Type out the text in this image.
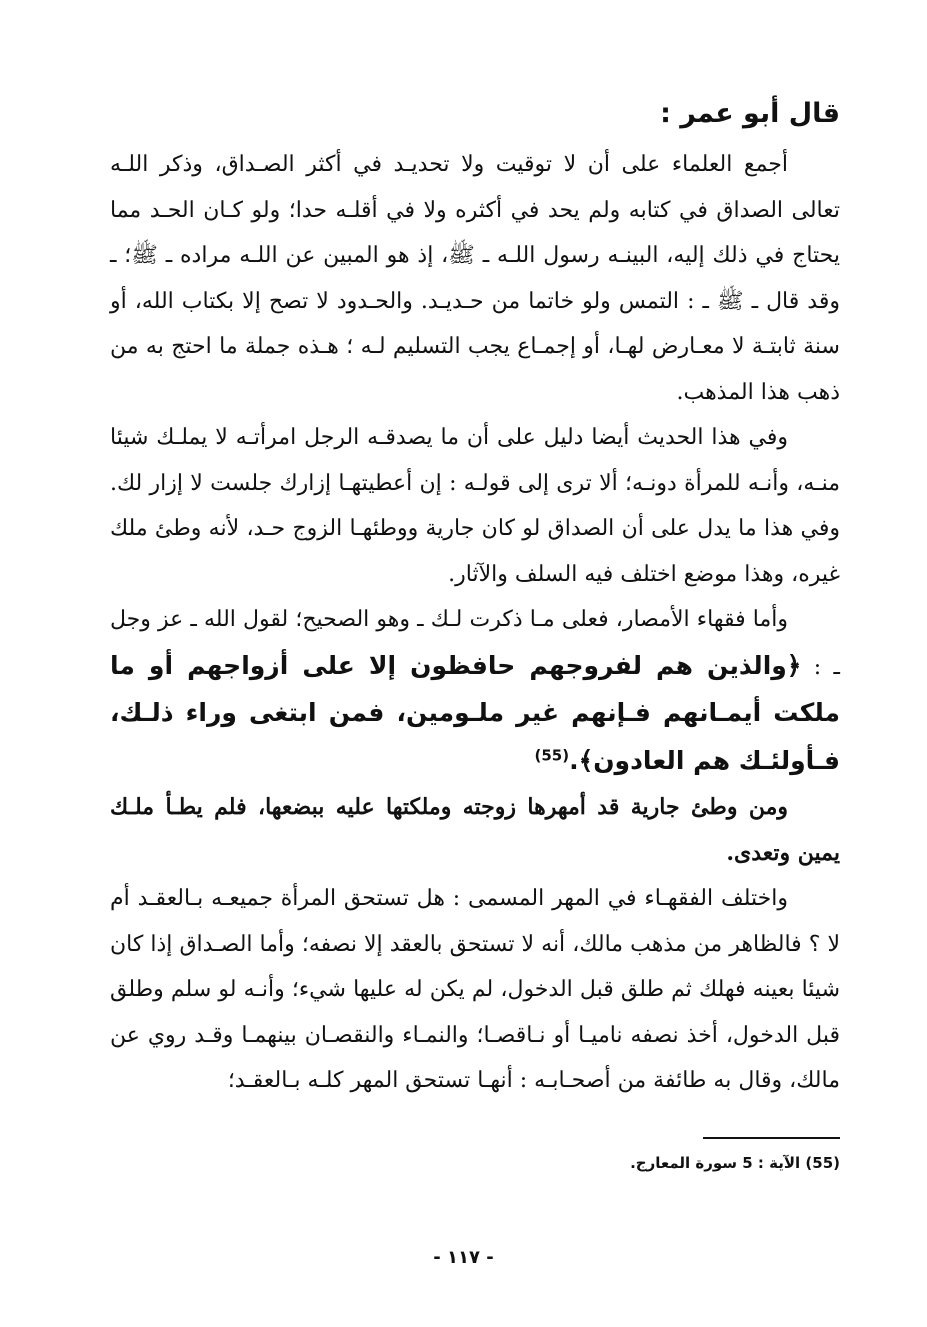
قال أبو عمر :

أجمع العلماء على أن لا توقيت ولا تحديـد في أكثر الصـداق، وذكر اللـه تعالى الصداق في كتابه ولم يحد في أكثره ولا في أقلـه حدا؛ ولو كـان الحـد مما يحتاج في ذلك إليه، البينـه رسول اللـه ـ ﷺ، إذ هو المبين عن اللـه مراده ـ ﷺ؛ ـ وقد قال ـ ﷺ ـ : التمس ولو خاتما من حـديـد. والحـدود لا تصح إلا بكتاب الله، أو سنة ثابتـة لا معـارض لهـا، أو إجمـاع يجب التسليم لـه ؛ هـذه جملة ما احتج به من ذهب هذا المذهب.

وفي هذا الحديث أيضا دليل على أن ما يصدقـه الرجل امرأتـه لا يملـك شيئا منـه، وأنـه للمرأة دونـه؛ ألا ترى إلى قولـه : إن أعطيتهـا إزارك جلست لا إزار لك. وفي هذا ما يدل على أن الصداق لو كان جارية ووطئهـا الزوج حـد، لأنه وطئ ملك غيره، وهذا موضع اختلف فيه السلف والآثار.

وأما فقهاء الأمصار، فعلى مـا ذكرت لـك ـ وهو الصحيح؛ لقول الله ـ عز وجل ـ : ﴿والذين هم لفروجهم حافظون إلا على أزواجهم أو ما ملكت أيمـانهم فـإنهم غير ملـومين، فمن ابتغى وراء ذلـك، فـأولئـك هم العادون﴾.$^{(55)}$

ومن وطئ جارية قد أمهرها زوجته وملكتها عليه ببضعها، فلم يطـأ ملـك يمين وتعدى.

واختلف الفقهـاء في المهر المسمى : هل تستحق المرأة جميعـه بـالعقـد أم لا ؟ فالظاهر من مذهب مالك، أنه لا تستحق بالعقد إلا نصفه؛ وأما الصـداق إذا كان شيئا بعينه فهلك ثم طلق قبل الدخول، لم يكن له عليها شيء؛ وأنـه لو سلم وطلق قبل الدخول، أخذ نصفه ناميـا أو نـاقصـا؛ والنمـاء والنقصـان بينهمـا وقـد روي عن مالك، وقال به طائفة من أصحـابـه : أنهـا تستحق المهر كلـه بـالعقـد؛

(55) الآية : 5 سورة المعارج.
- ١١٧ -
